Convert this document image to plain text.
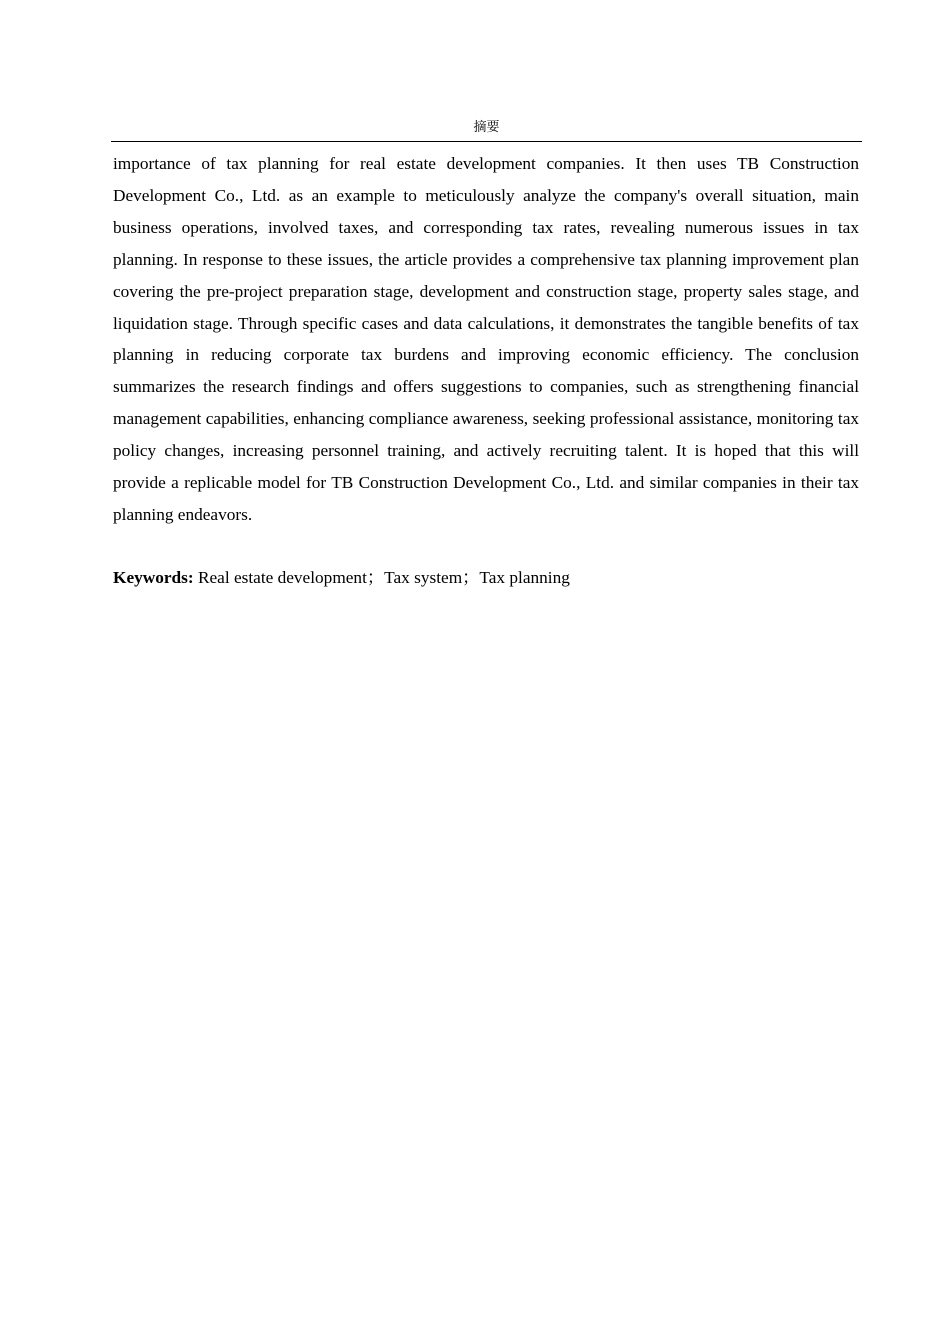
摘要

importance of tax planning for real estate development companies. It then uses TB Construction Development Co., Ltd. as an example to meticulously analyze the company's overall situation, main business operations, involved taxes, and corresponding tax rates, revealing numerous issues in tax planning. In response to these issues, the article provides a comprehensive tax planning improvement plan covering the pre-project preparation stage, development and construction stage, property sales stage, and liquidation stage. Through specific cases and data calculations, it demonstrates the tangible benefits of tax planning in reducing corporate tax burdens and improving economic efficiency. The conclusion summarizes the research findings and offers suggestions to companies, such as strengthening financial management capabilities, enhancing compliance awareness, seeking professional assistance, monitoring tax policy changes, increasing personnel training, and actively recruiting talent. It is hoped that this will provide a replicable model for TB Construction Development Co., Ltd. and similar companies in their tax planning endeavors.

Keywords: Real estate development；Tax system；Tax planning
